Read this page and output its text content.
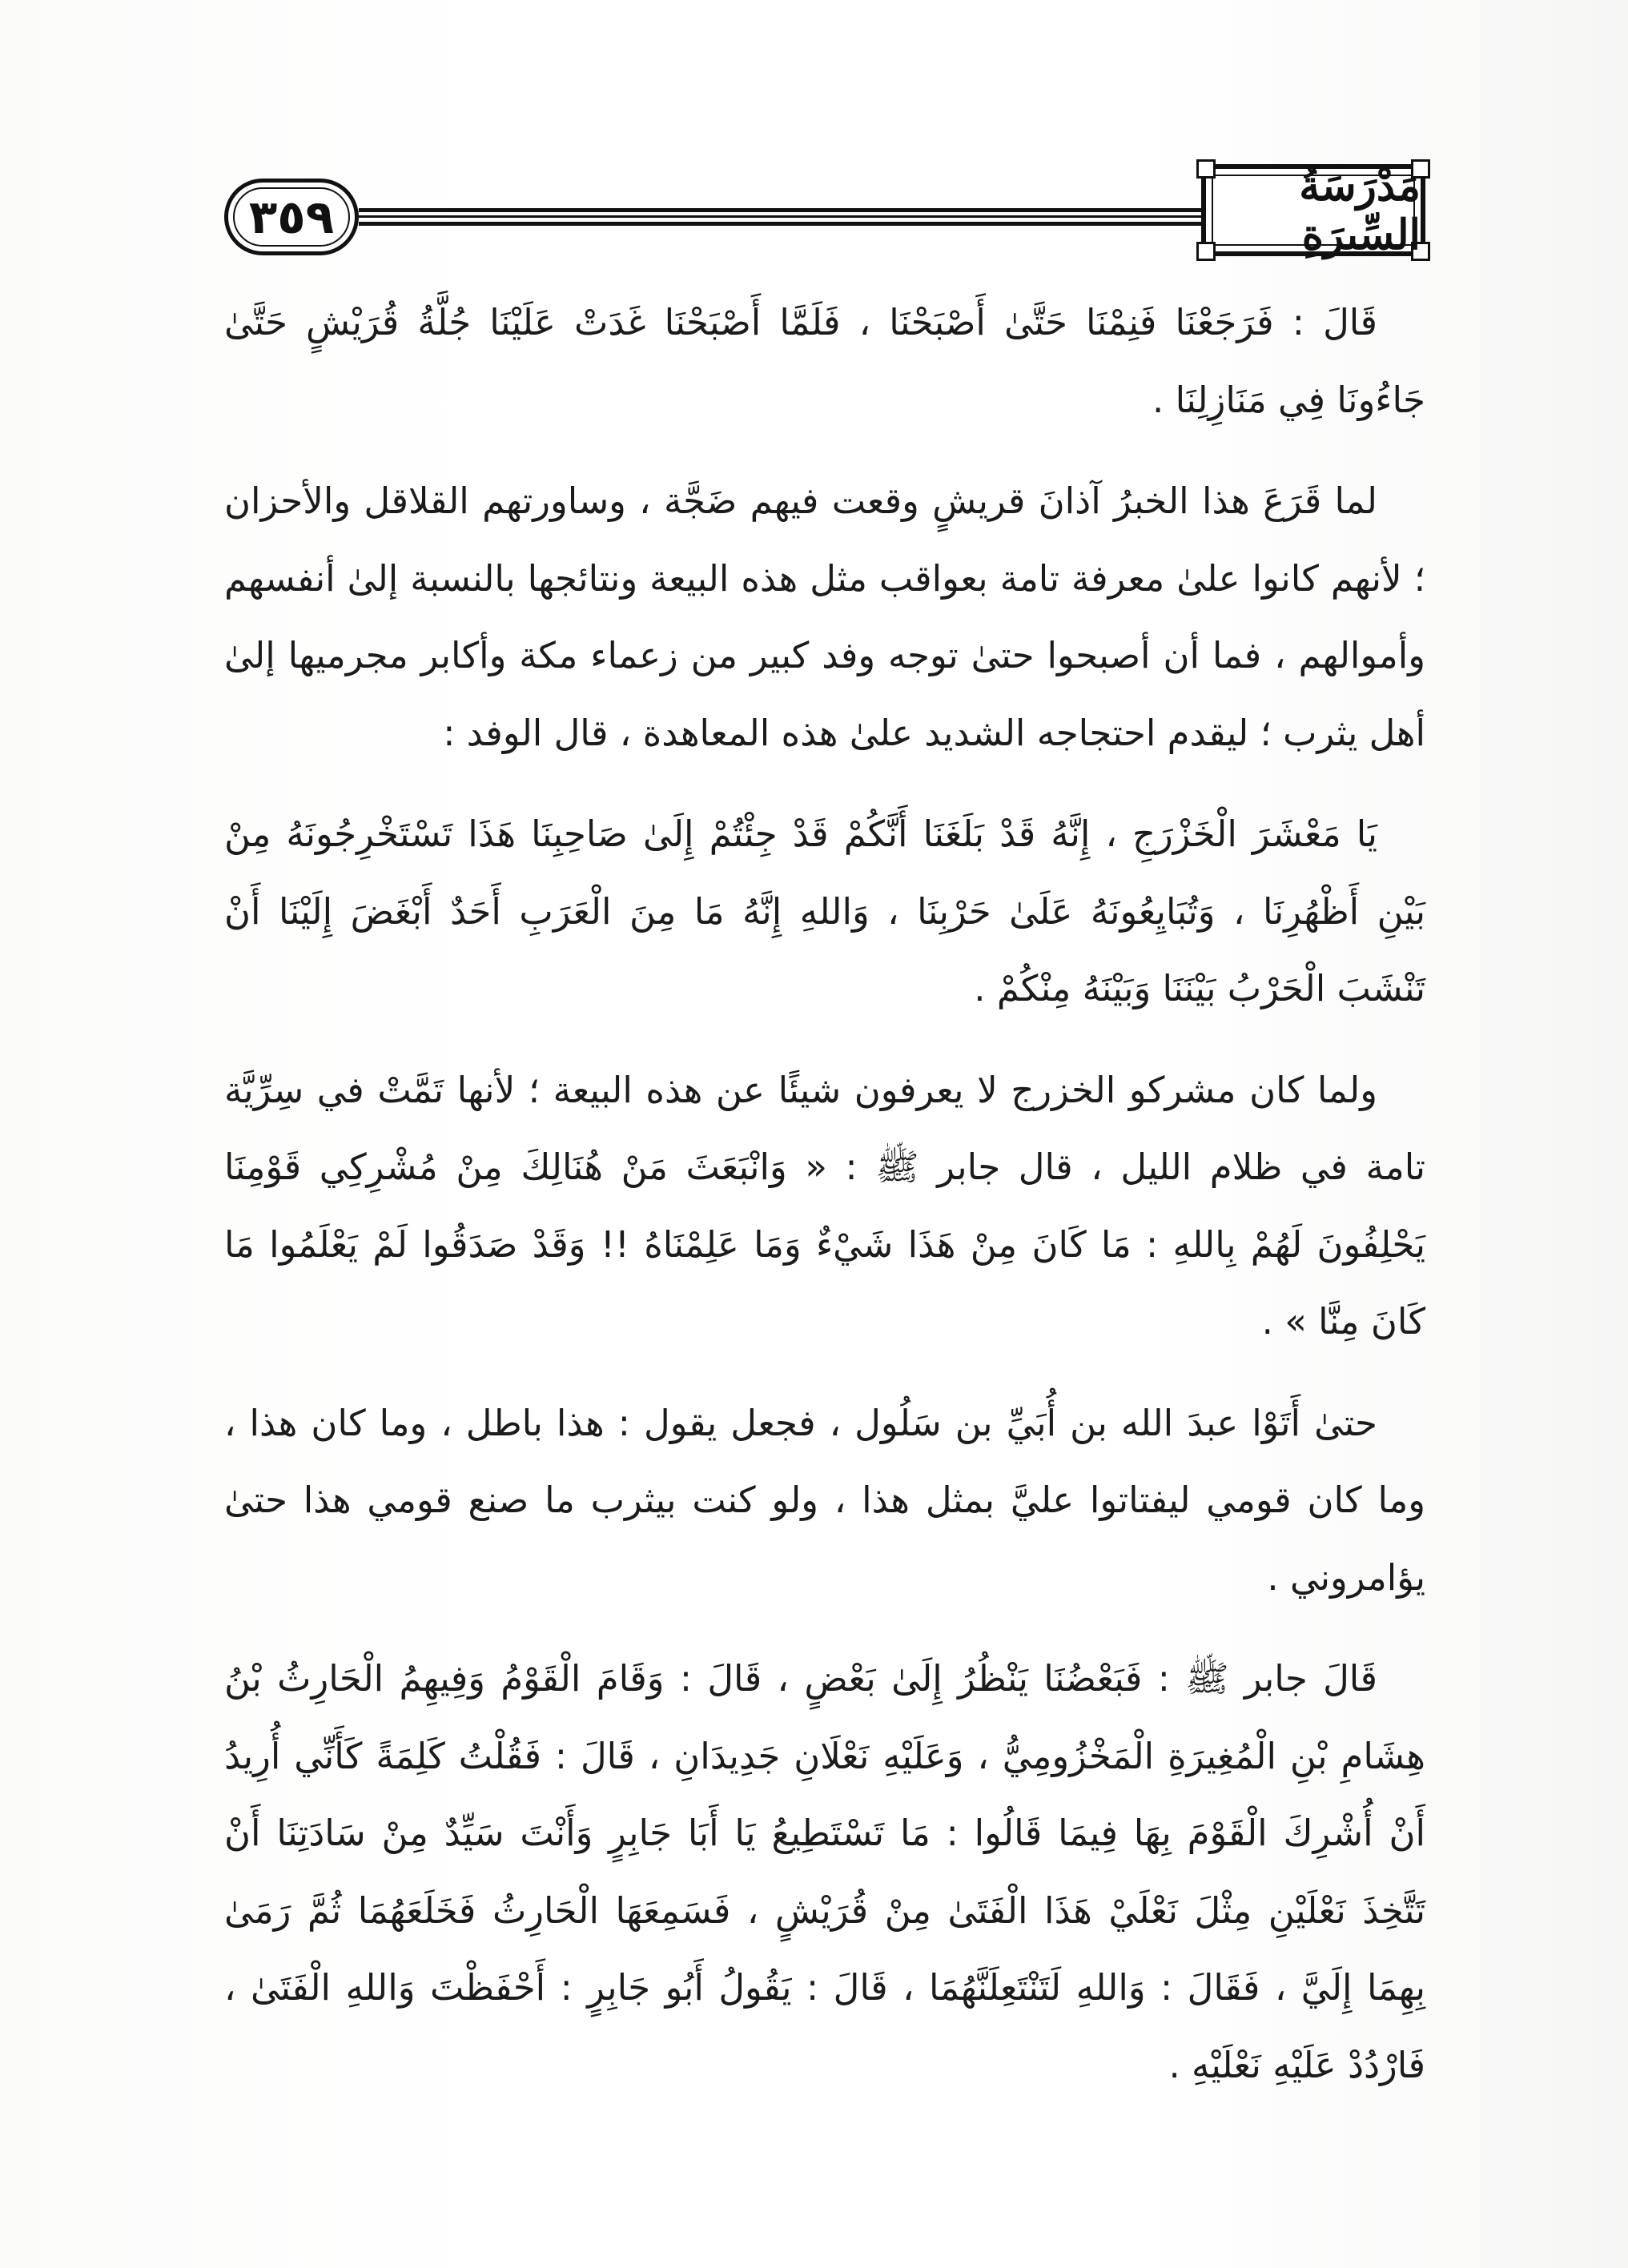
٣٥٩
مَدْرَسَةُ السِّيرَةِ

قَالَ : فَرَجَعْنَا فَنِمْنَا حَتَّىٰ أَصْبَحْنَا ، فَلَمَّا أَصْبَحْنَا غَدَتْ عَلَيْنَا جُلَّةُ قُرَيْشٍ حَتَّىٰ جَاءُونَا فِي مَنَازِلِنَا .

لما قَرَعَ هذا الخبرُ آذانَ قريشٍ وقعت فيهم ضَجَّة ، وساورتهم القلاقل والأحزان ؛ لأنهم كانوا علىٰ معرفة تامة بعواقب مثل هذه البيعة ونتائجها بالنسبة إلىٰ أنفسهم وأموالهم ، فما أن أصبحوا حتىٰ توجه وفد كبير من زعماء مكة وأكابر مجرميها إلىٰ أهل يثرب ؛ ليقدم احتجاجه الشديد علىٰ هذه المعاهدة ، قال الوفد :

يَا مَعْشَرَ الْخَزْرَجِ ، إِنَّهُ قَدْ بَلَغَنَا أَنَّكُمْ قَدْ جِئْتُمْ إِلَىٰ صَاحِبِنَا هَذَا تَسْتَخْرِجُونَهُ مِنْ بَيْنِ أَظْهُرِنَا ، وَتُبَايِعُونَهُ عَلَىٰ حَرْبِنَا ، وَاللهِ إِنَّهُ مَا مِنَ الْعَرَبِ أَحَدٌ أَبْغَضَ إِلَيْنَا أَنْ تَنْشَبَ الْحَرْبُ بَيْنَنَا وَبَيْنَهُ مِنْكُمْ .

ولما كان مشركو الخزرج لا يعرفون شيئًا عن هذه البيعة ؛ لأنها تَمَّتْ في سِرِّيَّة تامة في ظلام الليل ، قال جابر ﷺ : « وَانْبَعَثَ مَنْ هُنَالِكَ مِنْ مُشْرِكِي قَوْمِنَا يَحْلِفُونَ لَهُمْ بِاللهِ : مَا كَانَ مِنْ هَذَا شَيْءٌ وَمَا عَلِمْنَاهُ !! وَقَدْ صَدَقُوا لَمْ يَعْلَمُوا مَا كَانَ مِنَّا » .

حتىٰ أَتَوْا عبدَ الله بن أُبَيِّ بن سَلُول ، فجعل يقول : هذا باطل ، وما كان هذا ، وما كان قومي ليفتاتوا عليَّ بمثل هذا ، ولو كنت بيثرب ما صنع قومي هذا حتىٰ يؤامروني .

قَالَ جابر ﷺ : فَبَعْضُنَا يَنْظُرُ إِلَىٰ بَعْضٍ ، قَالَ : وَقَامَ الْقَوْمُ وَفِيهِمُ الْحَارِثُ بْنُ هِشَامِ بْنِ الْمُغِيرَةِ الْمَخْزُومِيُّ ، وَعَلَيْهِ نَعْلَانِ جَدِيدَانِ ، قَالَ : فَقُلْتُ كَلِمَةً كَأَنِّي أُرِيدُ أَنْ أُشْرِكَ الْقَوْمَ بِهَا فِيمَا قَالُوا : مَا تَسْتَطِيعُ يَا أَبَا جَابِرٍ وَأَنْتَ سَيِّدٌ مِنْ سَادَتِنَا أَنْ تَتَّخِذَ نَعْلَيْنِ مِثْلَ نَعْلَيْ هَذَا الْفَتَىٰ مِنْ قُرَيْشٍ ، فَسَمِعَهَا الْحَارِثُ فَخَلَعَهُمَا ثُمَّ رَمَىٰ بِهِمَا إِلَيَّ ، فَقَالَ : وَاللهِ لَتَنْتَعِلَنَّهُمَا ، قَالَ : يَقُولُ أَبُو جَابِرٍ : أَحْفَظْتَ وَاللهِ الْفَتَىٰ ، فَارْدُدْ عَلَيْهِ نَعْلَيْهِ .
